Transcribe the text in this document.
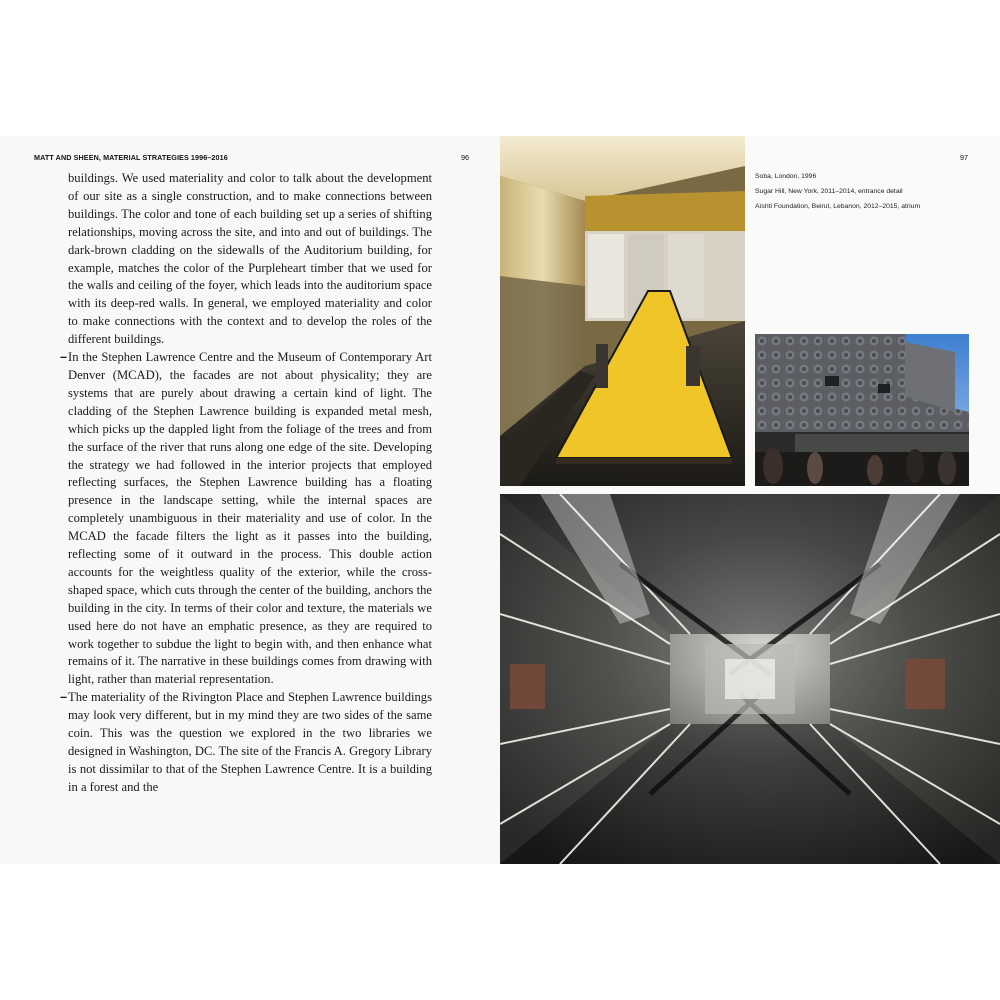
MATT AND SHEEN, MATERIAL STRATEGIES 1996–2016	96

buildings. We used materiality and color to talk about the development of our site as a single construction, and to make connections between buildings. The color and tone of each building set up a series of shifting relationships, moving across the site, and into and out of buildings. The dark-brown cladding on the sidewalls of the Auditorium building, for example, matches the color of the Purpleheart timber that we used for the walls and ceiling of the foyer, which leads into the auditorium space with its deep-red walls. In general, we employed materiality and color to make connections with the context and to develop the roles of the different buildings.

– In the Stephen Lawrence Centre and the Museum of Contemporary Art Denver (MCAD), the facades are not about physicality; they are systems that are purely about drawing a certain kind of light. The cladding of the Stephen Lawrence building is expanded metal mesh, which picks up the dappled light from the foliage of the trees and from the surface of the river that runs along one edge of the site. Developing the strategy we had followed in the interior projects that employed reflecting surfaces, the Stephen Lawrence building has a floating presence in the landscape setting, while the internal spaces are completely unambiguous in their materiality and use of color. In the MCAD the facade filters the light as it passes into the building, reflecting some of it outward in the process. This double action accounts for the weightless quality of the exterior, while the cross-shaped space, which cuts through the center of the building, anchors the building in the city. In terms of their color and texture, the materials we used here do not have an emphatic presence, as they are required to work together to subdue the light to begin with, and then enhance what remains of it. The narrative in these buildings comes from drawing with light, rather than material representation.

– The materiality of the Rivington Place and Stephen Lawrence buildings may look very different, but in my mind they are two sides of the same coin. This was the question we explored in the two libraries we designed in Washington, DC. The site of the Francis A. Gregory Library is not dissimilar to that of the Stephen Lawrence Centre. It is a building in a forest and the

97
Soba, London, 1996
Sugar Hill, New York, 2011–2014, entrance detail
Aïshti Foundation, Beirut, Lebanon, 2012–2015, atrium
